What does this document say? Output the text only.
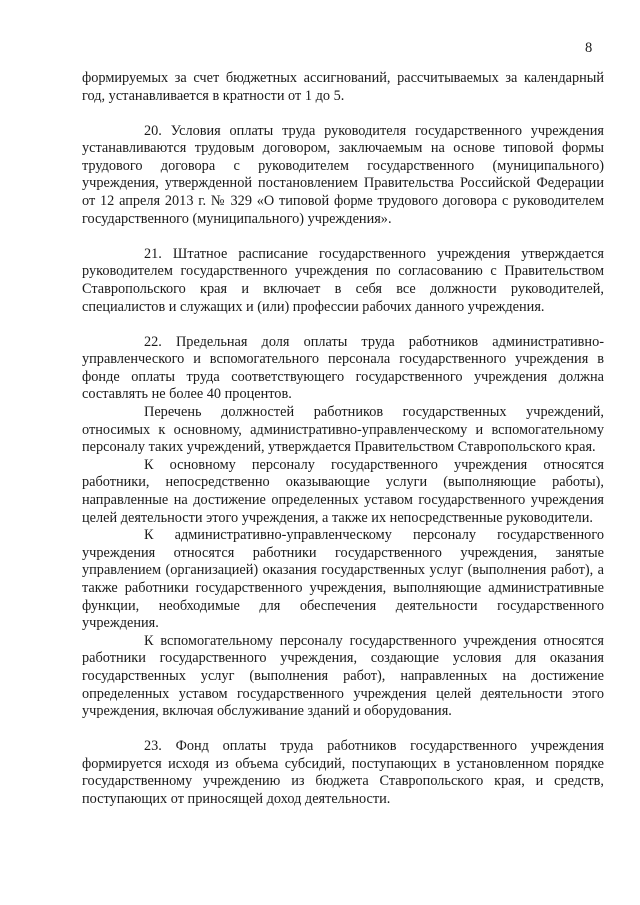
8

формируемых за счет бюджетных ассигнований, рассчитываемых за календарный год, устанавливается в кратности от 1 до 5.

20. Условия оплаты труда руководителя государственного учреждения устанавливаются трудовым договором, заключаемым на основе типовой формы трудового договора с руководителем государственного (муниципального) учреждения, утвержденной постановлением Правительства Российской Федерации от 12 апреля 2013 г. № 329 «О типовой форме трудового договора с руководителем государственного (муниципального) учреждения».

21. Штатное расписание государственного учреждения утверждается руководителем государственного учреждения по согласованию с Правительством Ставропольского края и включает в себя все должности руководителей, специалистов и служащих и (или) профессии рабочих данного учреждения.

22. Предельная доля оплаты труда работников административно-управленческого и вспомогательного персонала государственного учреждения в фонде оплаты труда соответствующего государственного учреждения должна составлять не более 40 процентов.

Перечень должностей работников государственных учреждений, относимых к основному, административно-управленческому и вспомогательному персоналу таких учреждений, утверждается Правительством Ставропольского края.

К основному персоналу государственного учреждения относятся работники, непосредственно оказывающие услуги (выполняющие работы), направленные на достижение определенных уставом государственного учреждения целей деятельности этого учреждения, а также их непосредственные руководители.

К административно-управленческому персоналу государственного учреждения относятся работники государственного учреждения, занятые управлением (организацией) оказания государственных услуг (выполнения работ), а также работники государственного учреждения, выполняющие административные функции, необходимые для обеспечения деятельности государственного учреждения.

К вспомогательному персоналу государственного учреждения относятся работники государственного учреждения, создающие условия для оказания государственных услуг (выполнения работ), направленных на достижение определенных уставом государственного учреждения целей деятельности этого учреждения, включая обслуживание зданий и оборудования.

23. Фонд оплаты труда работников государственного учреждения формируется исходя из объема субсидий, поступающих в установленном порядке государственному учреждению из бюджета Ставропольского края, и средств, поступающих от приносящей доход деятельности.
